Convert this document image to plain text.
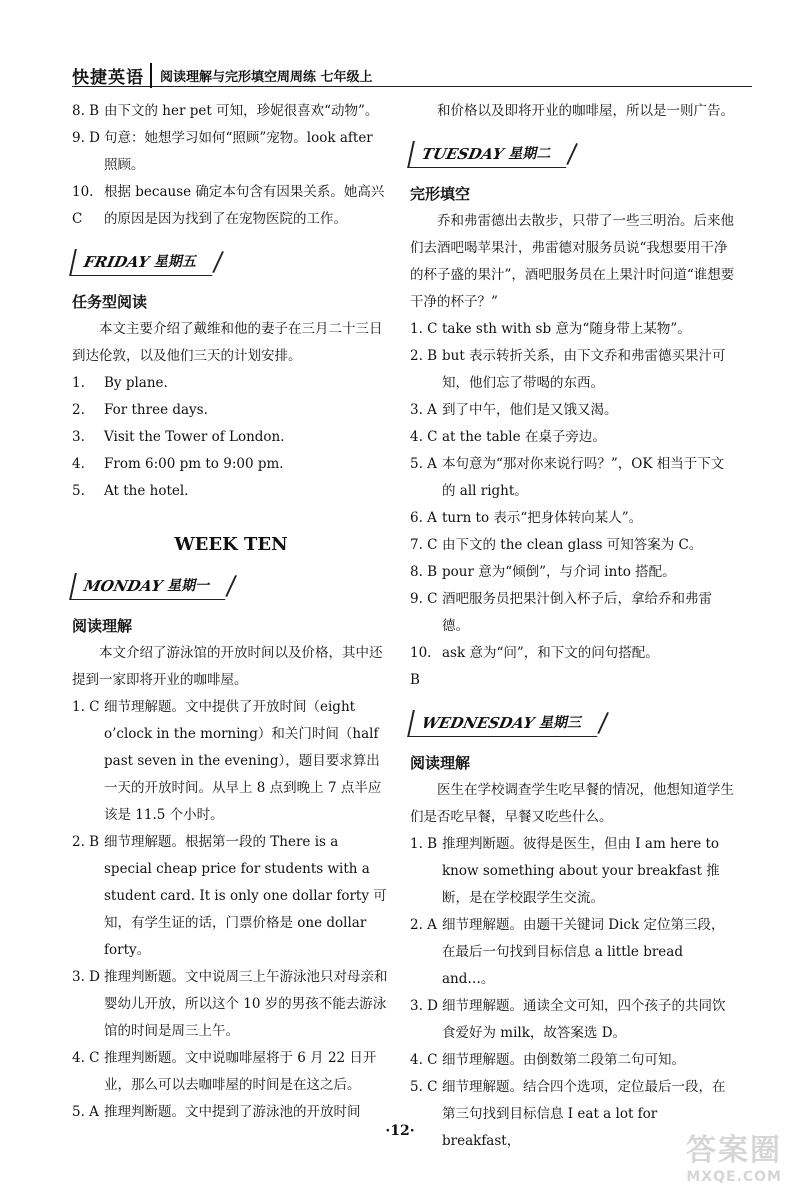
快捷英语	阅读理解与完形填空周周练 七年级上
8. B 由下文的 her pet 可知，珍妮很喜欢“动物”。
9. D 句意：她想学习如何“照顾”宠物。look after 照顾。
10. C
根据 because 确定本句含有因果关系。她高兴的原因是因为找到了在宠物医院的工作。
FRIDAY 星期五
任务型阅读
本文主要介绍了戴维和他的妻子在三月二十三日到达伦敦，以及他们三天的计划安排。
1.	By plane.
2.	For three days.
3.	Visit the Tower of London.
4.	From 6:00 pm to 9:00 pm.
5.	At the hotel.
WEEK TEN
MONDAY 星期一
阅读理解
本文介绍了游泳馆的开放时间以及价格，其中还提到一家即将开业的咖啡屋。
1. C 细节理解题。文中提供了开放时间（eight o’clock in the morning）和关门时间（half past seven in the evening），题目要求算出一天的开放时间。从早上 8 点到晚上 7 点半应该是 11.5 个小时。
2. B 细节理解题。根据第一段的 There is a special cheap price for students with a student card. It is only one dollar forty 可知，有学生证的话，门票价格是 one dollar forty。
3. D 推理判断题。文中说周三上午游泳池只对母亲和婴幼儿开放，所以这个 10 岁的男孩不能去游泳馆的时间是周三上午。
4. C 推理判断题。文中说咖啡屋将于 6 月 22 日开业，那么可以去咖啡屋的时间是在这之后。
5. A 推理判断题。文中提到了游泳池的开放时间
和价格以及即将开业的咖啡屋，所以是一则广告。
TUESDAY 星期二
完形填空
乔和弗雷德出去散步，只带了一些三明治。后来他们去酒吧喝苹果汁，弗雷德对服务员说“我想要用干净的杯子盛的果汁”，酒吧服务员在上果汁时问道“谁想要干净的杯子？”
1. C take sth with sb 意为“随身带上某物”。
2. B but 表示转折关系，由下文乔和弗雷德买果汁可知，他们忘了带喝的东西。
3. A 到了中午，他们是又饿又渴。
4. C at the table 在桌子旁边。
5. A 本句意为“那对你来说行吗？”，OK 相当于下文的 all right。
6. A turn to 表示“把身体转向某人”。
7. C 由下文的 the clean glass 可知答案为 C。
8. B pour 意为“倾倒”，与介词 into 搭配。
9. C 酒吧服务员把果汁倒入杯子后，拿给乔和弗雷德。
10. B
ask 意为“问”，和下文的问句搭配。
WEDNESDAY 星期三
阅读理解
医生在学校调查学生吃早餐的情况，他想知道学生们是否吃早餐，早餐又吃些什么。
1. B 推理判断题。彼得是医生，但由 I am here to know something about your breakfast 推断，是在学校跟学生交流。
2. A 细节理解题。由题干关键词 Dick 定位第三段，在最后一句找到目标信息 a little bread and…。
3. D 细节理解题。通读全文可知，四个孩子的共同饮食爱好为 milk，故答案选 D。
4. C 细节理解题。由倒数第二段第二句可知。
5. C 细节理解题。结合四个选项，定位最后一段，在第三句找到目标信息 I eat a lot for breakfast，
·12·
答案圈
MXQE.COM
